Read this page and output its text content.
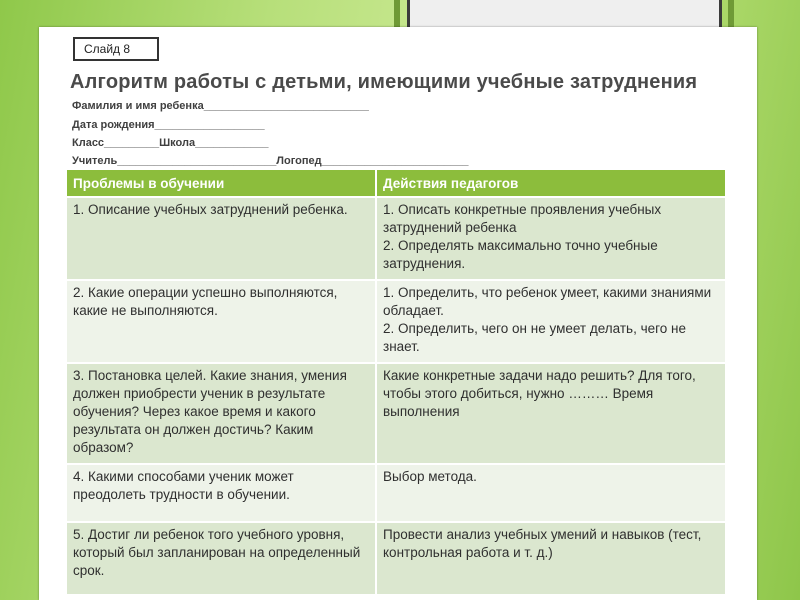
Слайд 8
Алгоритм работы с детьми, имеющими учебные затруднения
Фамилия и имя ребенка___________________________
Дата рождения__________________
Класс_________Школа____________
Учитель__________________________Логопед________________________
Проблемы в обучении	Действия педагогов
1. Описание учебных затруднений ребенка.	1. Описать конкретные проявления учебных затруднений ребенка
2. Определять максимально точно учебные затруднения.
2. Какие операции успешно выполняются, какие не выполняются.	1. Определить, что ребенок умеет, какими знаниями обладает.
2. Определить, чего он не умеет делать, чего не знает.
3. Постановка целей. Какие знания, умения должен приобрести ученик в результате обучения? Через какое время и какого результата он должен достичь? Каким образом?	Какие конкретные задачи надо решить? Для того, чтобы этого добиться, нужно ……… Время выполнения
4. Какими способами ученик может преодолеть трудности в обучении.	Выбор метода.
5. Достиг ли ребенок того учебного уровня, который был запланирован на определенный срок.	Провести анализ учебных умений и навыков (тест, контрольная работа и т. д.)
